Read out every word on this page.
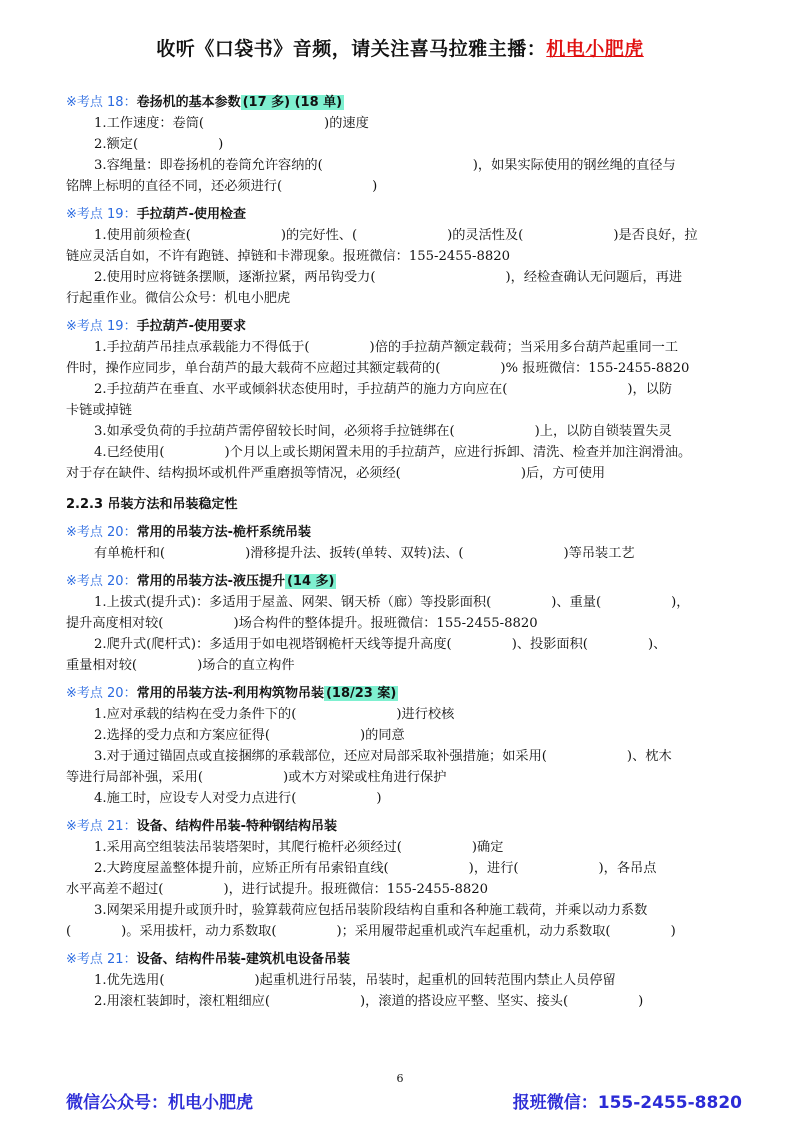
收听《口袋书》音频，请关注喜马拉雅主播：机电小肥虎
※考点 18：卷扬机的基本参数 (17 多) (18 单)
1.工作速度：卷筒(	)的速度
2.额定(	)
3.容绳量：即卷扬机的卷筒允许容纳的(	)，如果实际使用的钢丝绳的直径与
铭牌上标明的直径不同，还必须进行(	)
※考点 19：手拉葫芦-使用检查
1.使用前须检查(	)的完好性、(	)的灵活性及(	)是否良好，拉
链应灵活自如，不许有跑链、掉链和卡滞现象。报班微信：155-2455-8820
2.使用时应将链条摆顺，逐渐拉紧，两吊钩受力(	)，经检查确认无问题后，再进
行起重作业。微信公众号：机电小肥虎
※考点 19：手拉葫芦-使用要求
1.手拉葫芦吊挂点承载能力不得低于(	)倍的手拉葫芦额定载荷；当采用多台葫芦起重同一工
件时，操作应同步，单台葫芦的最大载荷不应超过其额定载荷的(	)% 报班微信：155-2455-8820
2.手拉葫芦在垂直、水平或倾斜状态使用时，手拉葫芦的施力方向应在(	)，以防
卡链或掉链
3.如承受负荷的手拉葫芦需停留较长时间，必须将手拉链绑在(	)上，以防自锁装置失灵
4.已经使用(	)个月以上或长期闲置未用的手拉葫芦，应进行拆卸、清洗、检查并加注润滑油。
对于存在缺件、结构损坏或机件严重磨损等情况，必须经(	)后，方可使用
2.2.3 吊装方法和吊装稳定性
※考点 20：常用的吊装方法-桅杆系统吊装
有单桅杆和(	)滑移提升法、扳转(单转、双转)法、(	)等吊装工艺
※考点 20：常用的吊装方法-液压提升 (14 多)
1.上拔式(提升式)：多适用于屋盖、网架、钢天桥（廊）等投影面积(	)、重量(	)，
提升高度相对较(	)场合构件的整体提升。报班微信：155-2455-8820
2.爬升式(爬杆式)：多适用于如电视塔钢桅杆天线等提升高度(	)、投影面积(	)、
重量相对较(	)场合的直立构件
※考点 20：常用的吊装方法-利用构筑物吊装 (18/23 案)
1.应对承载的结构在受力条件下的(	)进行校核
2.选择的受力点和方案应征得(	)的同意
3.对于通过锚固点或直接捆绑的承载部位，还应对局部采取补强措施；如采用(	)、枕木
等进行局部补强，采用(	)或木方对梁或柱角进行保护
4.施工时，应设专人对受力点进行(	)
※考点 21：设备、结构件吊装-特种钢结构吊装
1.采用高空组装法吊装塔架时，其爬行桅杆必须经过(	)确定
2.大跨度屋盖整体提升前，应矫正所有吊索铅直线(	)，进行(	)，各吊点
水平高差不超过(	)，进行试提升。报班微信：155-2455-8820
3.网架采用提升或顶升时，验算载荷应包括吊装阶段结构自重和各种施工载荷，并乘以动力系数
(	)。采用拔杆，动力系数取(	)；采用履带起重机或汽车起重机，动力系数取(	)
※考点 21：设备、结构件吊装-建筑机电设备吊装
1.优先选用(	)起重机进行吊装，吊装时，起重机的回转范围内禁止人员停留
2.用滚杠装卸时，滚杠粗细应(	)，滚道的搭设应平整、坚实、接头(	)
6
微信公众号：机电小肥虎	报班微信：155-2455-8820
